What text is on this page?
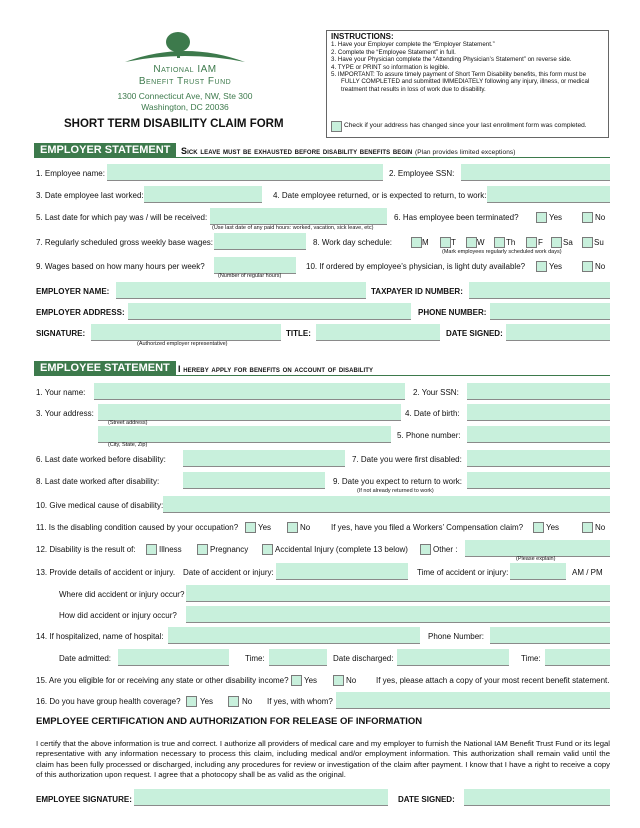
National IAM
Benefit Trust Fund
1300 Connecticut Ave, NW, Ste 300
Washington, DC 20036
SHORT TERM DISABILITY CLAIM FORM
INSTRUCTIONS:
1. Have your Employer complete the “Employer Statement.”
2. Complete the “Employee Statement” in full.
3. Have your Physician complete the “Attending Physician’s Statement” on reverse side.
4. TYPE or PRINT so information is legible.
5. IMPORTANT: To assure timely payment of Short Term Disability benefits, this form must be FULLY COMPLETED and submitted IMMEDIATELY following any injury, illness, or medical treatment that results in loss of work due to disability.
Check if your address has changed since your last enrollment form was completed.
EMPLOYER STATEMENT	Sick leave must be exhausted before disability benefits begin (Plan provides limited exceptions)
1. Employee name:	2. Employee SSN:
3. Date employee last worked:	4. Date employee returned, or is expected to return, to work:
5. Last date for which pay was / will be received:
(Use last date of any paid hours: worked, vacation, sick leave, etc)
6. Has employee been terminated?	Yes	No
7. Regularly scheduled gross weekly base wages:	8. Work day schedule:	M	T	W	Th	F	Sa	Su
(Mark employees regularly scheduled work days)
9. Wages based on how many hours per week?
(Number of regular hours)
10. If ordered by employee’s physician, is light duty available?	Yes	No
EMPLOYER NAME:	TAXPAYER ID NUMBER:
EMPLOYER ADDRESS:	PHONE NUMBER:
SIGNATURE:
(Authorized employer representative)
TITLE:	DATE SIGNED:
EMPLOYEE STATEMENT I hereby apply for benefits on account of disability
1. Your name:	2. Your SSN:
3. Your address:
(Street address)
4. Date of birth:
(City, State, Zip)
5. Phone number:
6. Last date worked before disability:	7. Date you were first disabled:
8. Last date worked after disability:	9. Date you expect to return to work:
(If not already returned to work)
10. Give medical cause of disability:
11. Is the disabling condition caused by your occupation? Yes	No	If yes, have you filed a Workers’ Compensation claim?	Yes	No
12. Disability is the result of:	Illness	Pregnancy	Accidental Injury (complete 13 below)	Other :
(Please explain)
13. Provide details of accident or injury. Date of accident or injury:	Time of accident or injury:	AM / PM
Where did accident or injury occur?
How did accident or injury occur?
14. If hospitalized, name of hospital:	Phone Number:
Date admitted:	Time:	Date discharged:	Time:
15. Are you eligible for or receiving any state or other disability income? Yes	No If yes, please attach a copy of your most recent benefit statement.
16. Do you have group health coverage? Yes	No If yes, with whom?
EMPLOYEE CERTIFICATION AND AUTHORIZATION FOR RELEASE OF INFORMATION
I certify that the above information is true and correct. I authorize all providers of medical care and my employer to furnish the National IAM Benefit Trust Fund or its legal representative with any information necessary to process this claim, including medical and/or employment information. This authorization shall remain valid until the claim has been fully processed or discharged, including any procedures for review or investigation of the claim after payment. I know that I have a right to receive a copy of this authorization upon request. I agree that a photocopy shall be as valid as the original.
EMPLOYEE SIGNATURE:	DATE SIGNED:
